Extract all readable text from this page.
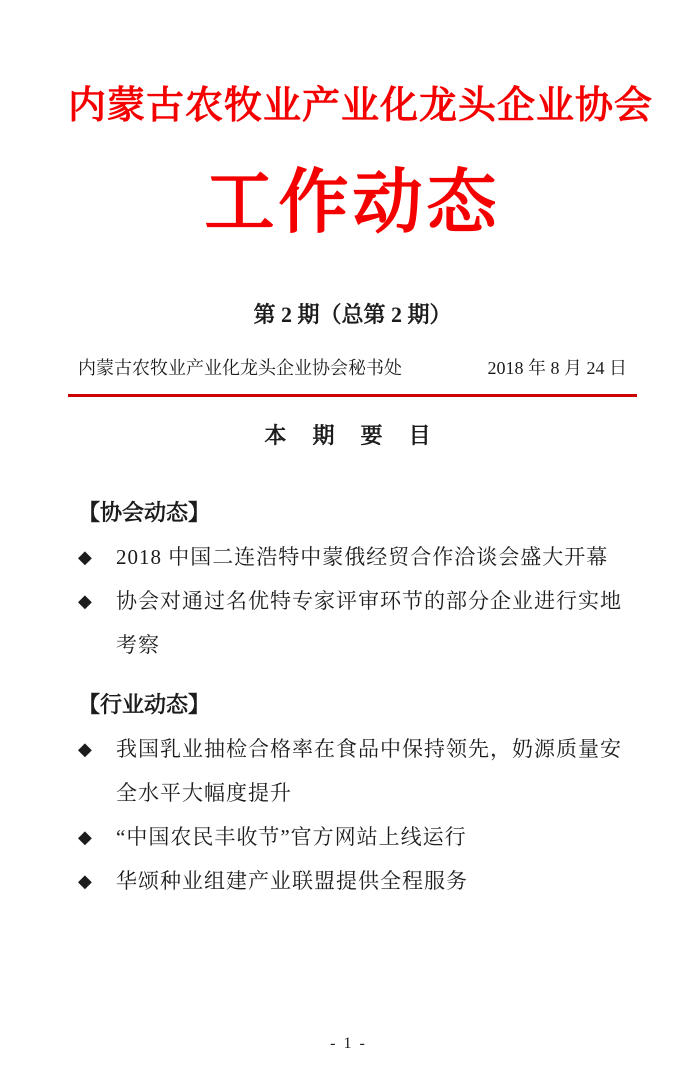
内蒙古农牧业产业化龙头企业协会
工作动态
第 2 期（总第 2 期）
内蒙古农牧业产业化龙头企业协会秘书处	2018 年 8 月 24 日
本 期 要 目
【协会动态】
◆ 2018 中国二连浩特中蒙俄经贸合作洽谈会盛大开幕
◆ 协会对通过名优特专家评审环节的部分企业进行实地考察
【行业动态】
◆ 我国乳业抽检合格率在食品中保持领先，奶源质量安全水平大幅度提升
◆ “中国农民丰收节”官方网站上线运行
◆ 华颂种业组建产业联盟提供全程服务
- 1 -
